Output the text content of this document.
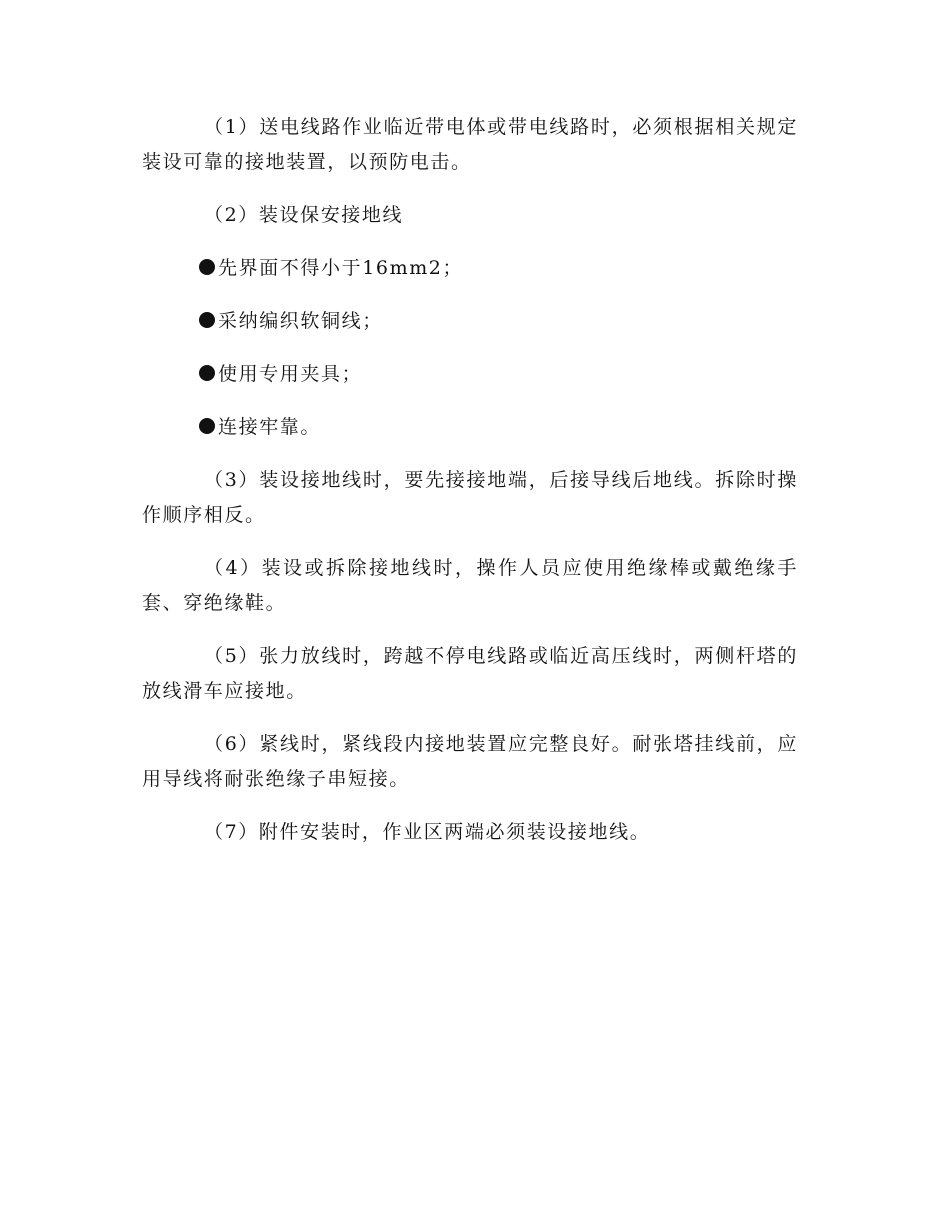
（1）送电线路作业临近带电体或带电线路时，必须根据相关规定装设可靠的接地装置，以预防电击。

（2）装设保安接地线

先界面不得小于16mm2；
采纳编织软铜线；
使用专用夹具；
连接牢靠。

（3）装设接地线时，要先接接地端，后接导线后地线。拆除时操作顺序相反。

（4）装设或拆除接地线时，操作人员应使用绝缘棒或戴绝缘手套、穿绝缘鞋。

（5）张力放线时，跨越不停电线路或临近高压线时，两侧杆塔的放线滑车应接地。

（6）紧线时，紧线段内接地装置应完整良好。耐张塔挂线前，应用导线将耐张绝缘子串短接。

（7）附件安装时，作业区两端必须装设接地线。
